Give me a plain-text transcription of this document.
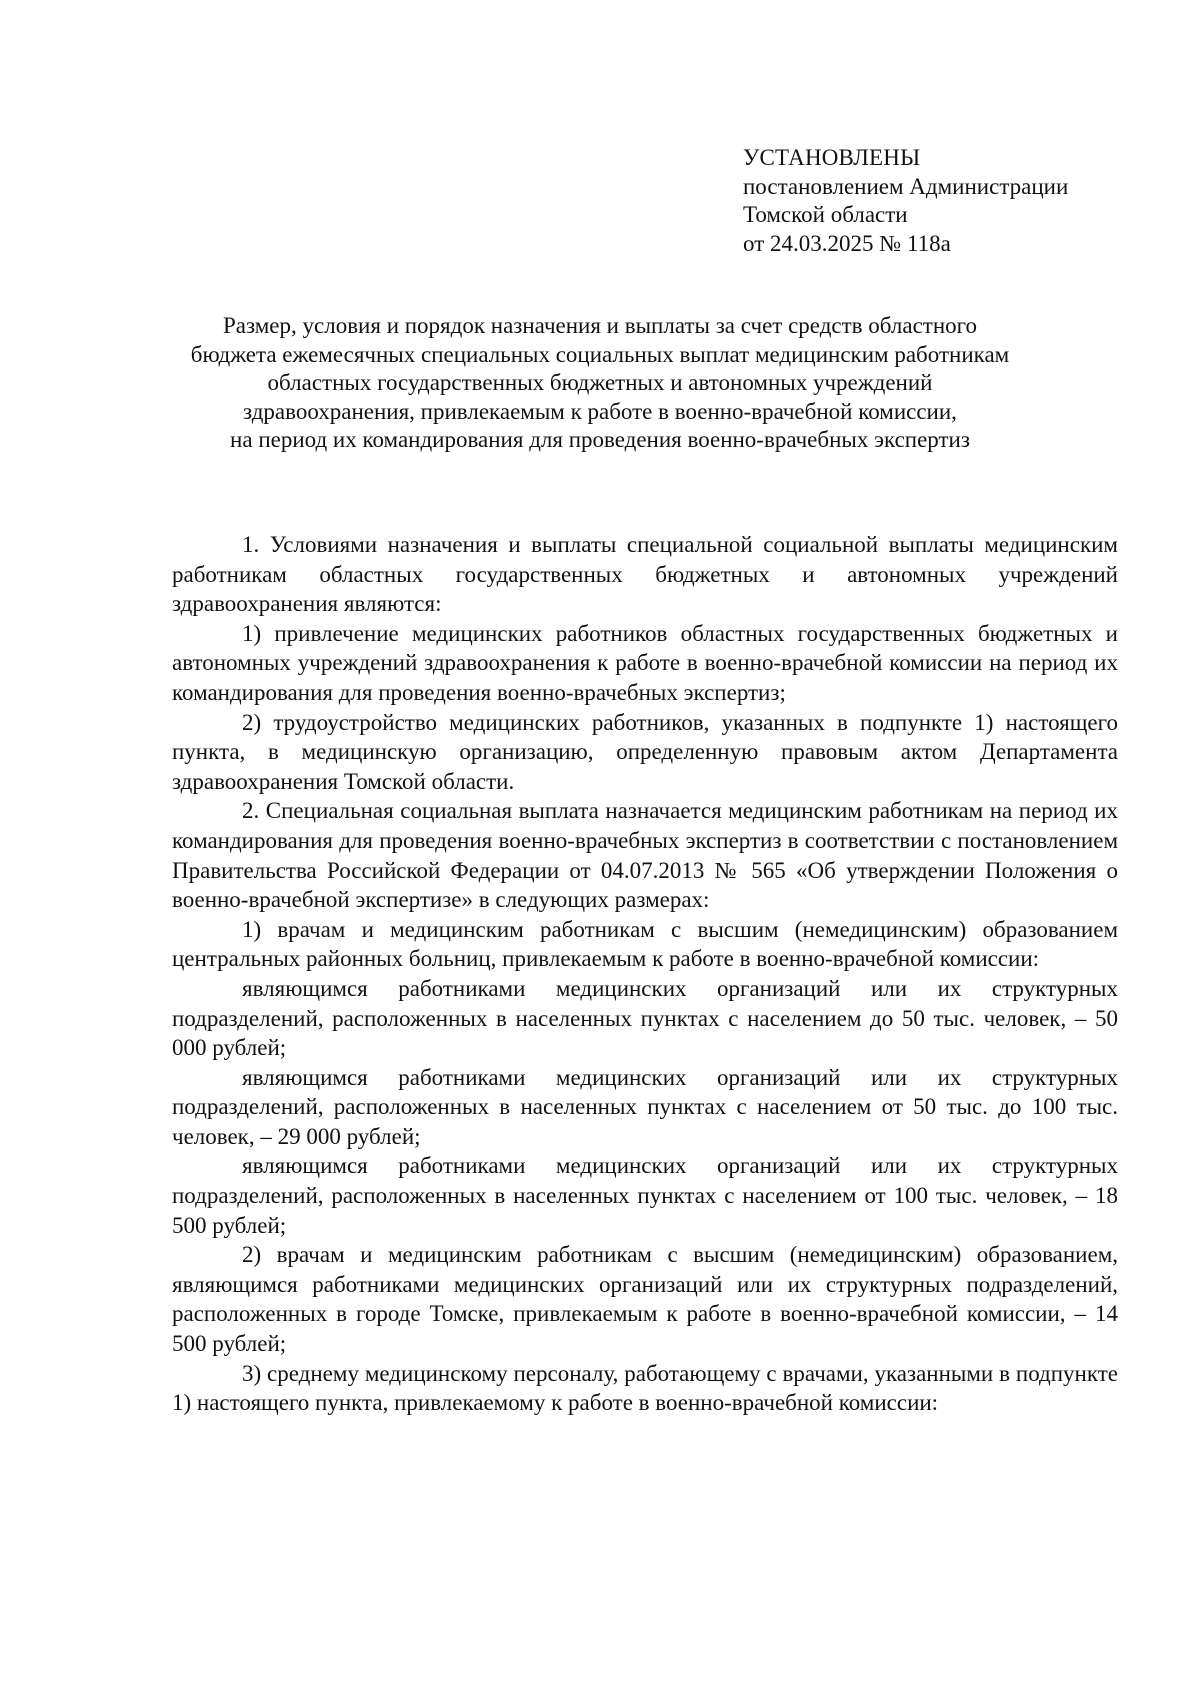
УСТАНОВЛЕНЫ
постановлением Администрации
Томской области
от 24.03.2025 № 118а
Размер, условия и порядок назначения и выплаты за счет средств областного
бюджета ежемесячных специальных социальных выплат медицинским работникам
областных государственных бюджетных и автономных учреждений
здравоохранения, привлекаемым к работе в военно-врачебной комиссии,
на период их командирования для проведения военно-врачебных экспертиз

1. Условиями назначения и выплаты специальной социальной выплаты медицинским работникам областных государственных бюджетных и автономных учреждений здравоохранения являются:

1) привлечение медицинских работников областных государственных бюджетных и автономных учреждений здравоохранения к работе в военно-врачебной комиссии на период их командирования для проведения военно-врачебных экспертиз;

2) трудоустройство медицинских работников, указанных в подпункте 1) настоящего пункта, в медицинскую организацию, определенную правовым актом Департамента здравоохранения Томской области.

2. Специальная социальная выплата назначается медицинским работникам на период их командирования для проведения военно-врачебных экспертиз в соответствии с постановлением Правительства Российской Федерации от 04.07.2013 № 565 «Об утверждении Положения о военно-врачебной экспертизе» в следующих размерах:

1) врачам и медицинским работникам с высшим (немедицинским) образованием центральных районных больниц, привлекаемым к работе в военно-врачебной комиссии:

являющимся работниками медицинских организаций или их структурных подразделений, расположенных в населенных пунктах с населением до 50 тыс. человек, – 50 000 рублей;

являющимся работниками медицинских организаций или их структурных подразделений, расположенных в населенных пунктах с населением от 50 тыс. до 100 тыс. человек, – 29 000 рублей;

являющимся работниками медицинских организаций или их структурных подразделений, расположенных в населенных пунктах с населением от 100 тыс. человек, – 18 500 рублей;

2) врачам и медицинским работникам с высшим (немедицинским) образованием, являющимся работниками медицинских организаций или их структурных подразделений, расположенных в городе Томске, привлекаемым к работе в военно-врачебной комиссии, – 14 500 рублей;

3) среднему медицинскому персоналу, работающему с врачами, указанными в подпункте 1) настоящего пункта, привлекаемому к работе в военно-врачебной комиссии:
